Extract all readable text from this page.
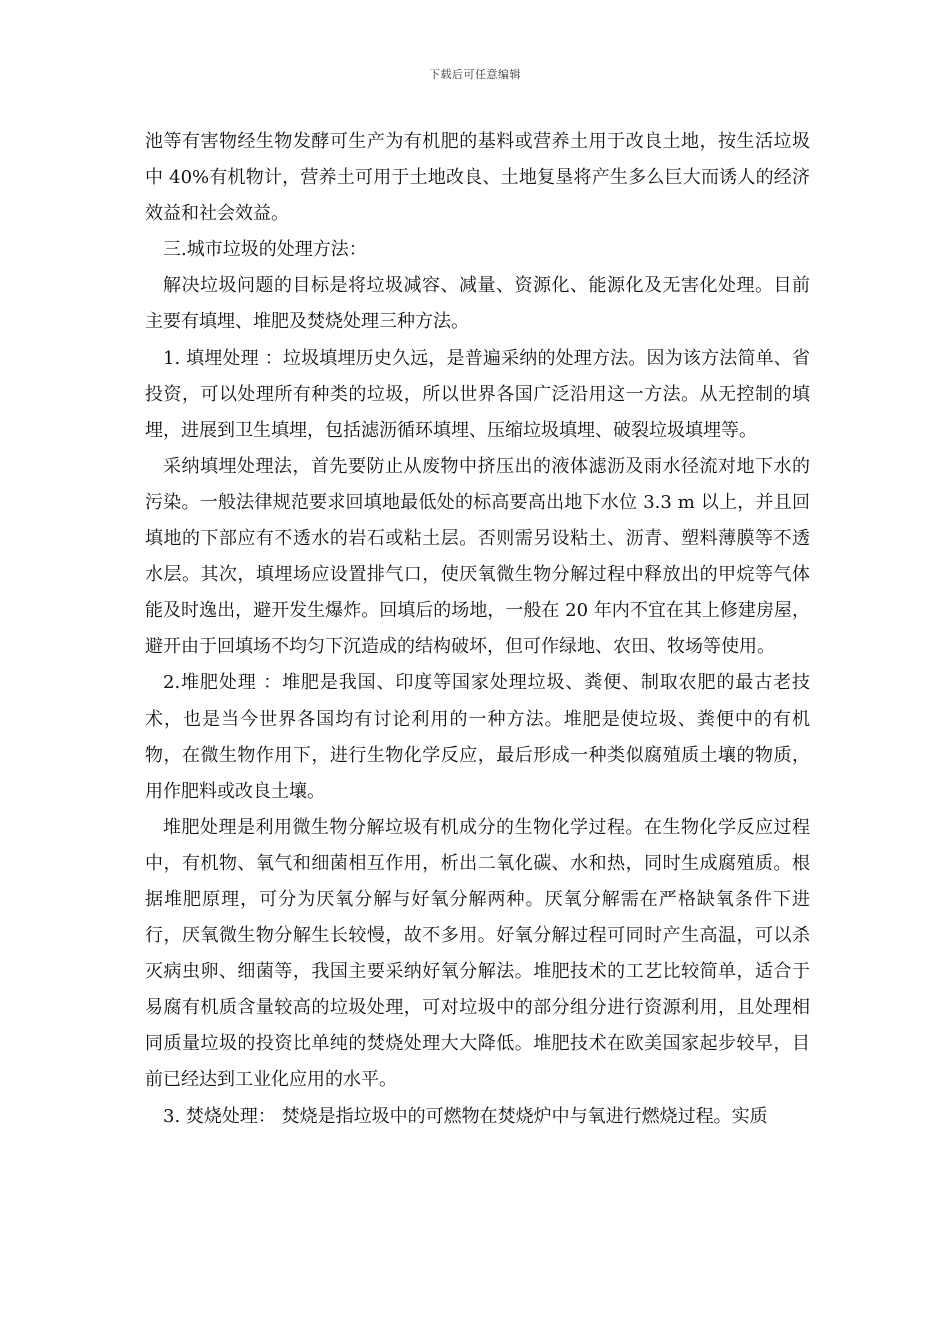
下载后可任意编辑

池等有害物经生物发酵可生产为有机肥的基料或营养土用于改良土地，按生活垃圾中 40%有机物计，营养土可用于土地改良、土地复垦将产生多么巨大而诱人的经济效益和社会效益。

三.城市垃圾的处理方法：

解决垃圾问题的目标是将垃圾减容、减量、资源化、能源化及无害化处理。目前主要有填埋、堆肥及焚烧处理三种方法。

1. 填埋处理 ：垃圾填埋历史久远，是普遍采纳的处理方法。因为该方法简单、省投资，可以处理所有种类的垃圾，所以世界各国广泛沿用这一方法。从无控制的填埋，进展到卫生填埋，包括滤沥循环填埋、压缩垃圾填埋、破裂垃圾填埋等。

采纳填埋处理法，首先要防止从废物中挤压出的液体滤沥及雨水径流对地下水的污染。一般法律规范要求回填地最低处的标高要高出地下水位 3.3 m 以上，并且回填地的下部应有不透水的岩石或粘土层。否则需另设粘土、沥青、塑料薄膜等不透水层。其次，填埋场应设置排气口，使厌氧微生物分解过程中释放出的甲烷等气体能及时逸出，避开发生爆炸。回填后的场地，一般在 20 年内不宜在其上修建房屋，避开由于回填场不均匀下沉造成的结构破坏，但可作绿地、农田、牧场等使用。

2.堆肥处理 ：堆肥是我国、印度等国家处理垃圾、粪便、制取农肥的最古老技术，也是当今世界各国均有讨论利用的一种方法。堆肥是使垃圾、粪便中的有机物，在微生物作用下，进行生物化学反应，最后形成一种类似腐殖质土壤的物质，用作肥料或改良土壤。

堆肥处理是利用微生物分解垃圾有机成分的生物化学过程。在生物化学反应过程中，有机物、氧气和细菌相互作用，析出二氧化碳、水和热，同时生成腐殖质。根据堆肥原理，可分为厌氧分解与好氧分解两种。厌氧分解需在严格缺氧条件下进行，厌氧微生物分解生长较慢，故不多用。好氧分解过程可同时产生高温，可以杀灭病虫卵、细菌等，我国主要采纳好氧分解法。堆肥技术的工艺比较简单，适合于易腐有机质含量较高的垃圾处理，可对垃圾中的部分组分进行资源利用，且处理相同质量垃圾的投资比单纯的焚烧处理大大降低。堆肥技术在欧美国家起步较早，目前已经达到工业化应用的水平。

3. 焚烧处理： 焚烧是指垃圾中的可燃物在焚烧炉中与氧进行燃烧过程。实质
